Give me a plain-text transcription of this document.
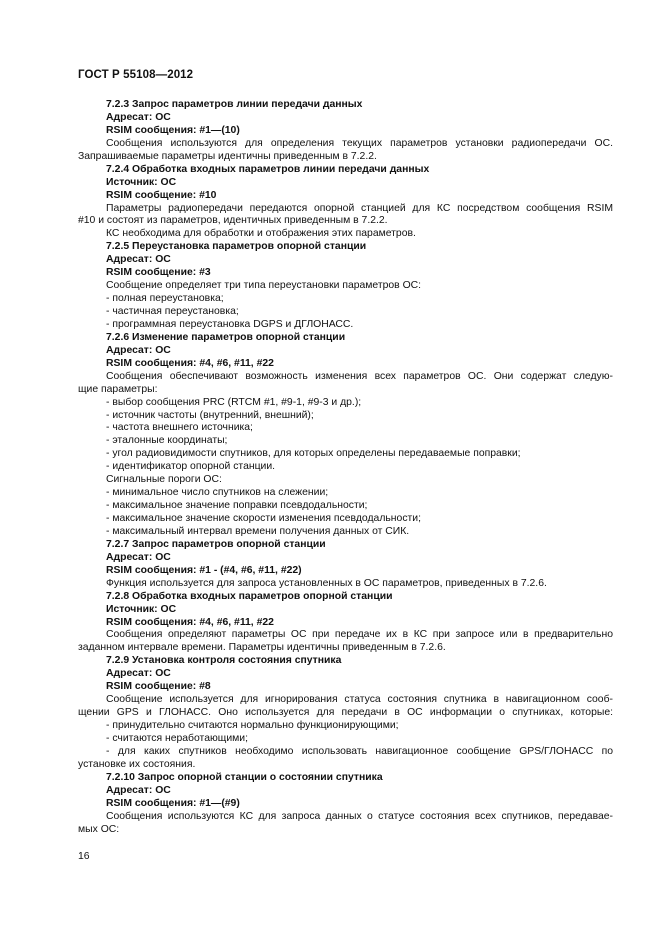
ГОСТ Р 55108—2012
7.2.3 Запрос параметров линии передачи данных
Адресат: ОС
RSIM сообщения: #1—(10)
Сообщения используются для определения текущих параметров установки радиопередачи ОС.
Запрашиваемые параметры идентичны приведенным в 7.2.2.
7.2.4 Обработка входных параметров линии передачи данных
Источник: ОС
RSIM сообщение: #10
Параметры радиопередачи передаются опорной станцией для КС посредством сообщения RSIM
#10 и состоят из параметров, идентичных приведенным в 7.2.2.
КС необходима для обработки и отображения этих параметров.
7.2.5 Переустановка параметров опорной станции
Адресат: ОС
RSIM сообщение: #3
Сообщение определяет три типа переустановки параметров ОС:
- полная переустановка;
- частичная переустановка;
- программная переустановка DGPS и ДГЛОНАСС.
7.2.6 Изменение параметров опорной станции
Адресат: ОС
RSIM сообщения: #4, #6, #11, #22
Сообщения обеспечивают возможность изменения всех параметров ОС. Они содержат следую-
щие параметры:
- выбор сообщения PRC (RTCM #1, #9-1, #9-3 и др.);
- источник частоты (внутренний, внешний);
- частота внешнего источника;
- эталонные координаты;
- угол радиовидимости спутников, для которых определены передаваемые поправки;
- идентификатор опорной станции.
Сигнальные пороги ОС:
- минимальное число спутников на слежении;
- максимальное значение поправки псевдодальности;
- максимальное значение скорости изменения псевдодальности;
- максимальный интервал времени получения данных от СИК.
7.2.7 Запрос параметров опорной станции
Адресат: ОС
RSIM сообщения: #1 - (#4, #6, #11, #22)
Функция используется для запроса установленных в ОС параметров, приведенных в 7.2.6.
7.2.8 Обработка входных параметров опорной станции
Источник: ОС
RSIM сообщения: #4, #6, #11, #22
Сообщения определяют параметры ОС при передаче их в КС при запросе или в предварительно
заданном интервале времени. Параметры идентичны приведенным в 7.2.6.
7.2.9 Установка контроля состояния спутника
Адресат: ОС
RSIM сообщение: #8
Сообщение используется для игнорирования статуса состояния спутника в навигационном сооб-
щении GPS и ГЛОНАСС. Оно используется для передачи в ОС информации о спутниках, которые:
- принудительно считаются нормально функционирующими;
- считаются неработающими;
- для каких спутников необходимо использовать навигационное сообщение GPS/ГЛОНАСС по
установке их состояния.
7.2.10 Запрос опорной станции о состоянии спутника
Адресат: ОС
RSIM сообщения: #1—(#9)
Сообщения используются КС для запроса данных о статусе состояния всех спутников, передавае-
мых ОС:
16
